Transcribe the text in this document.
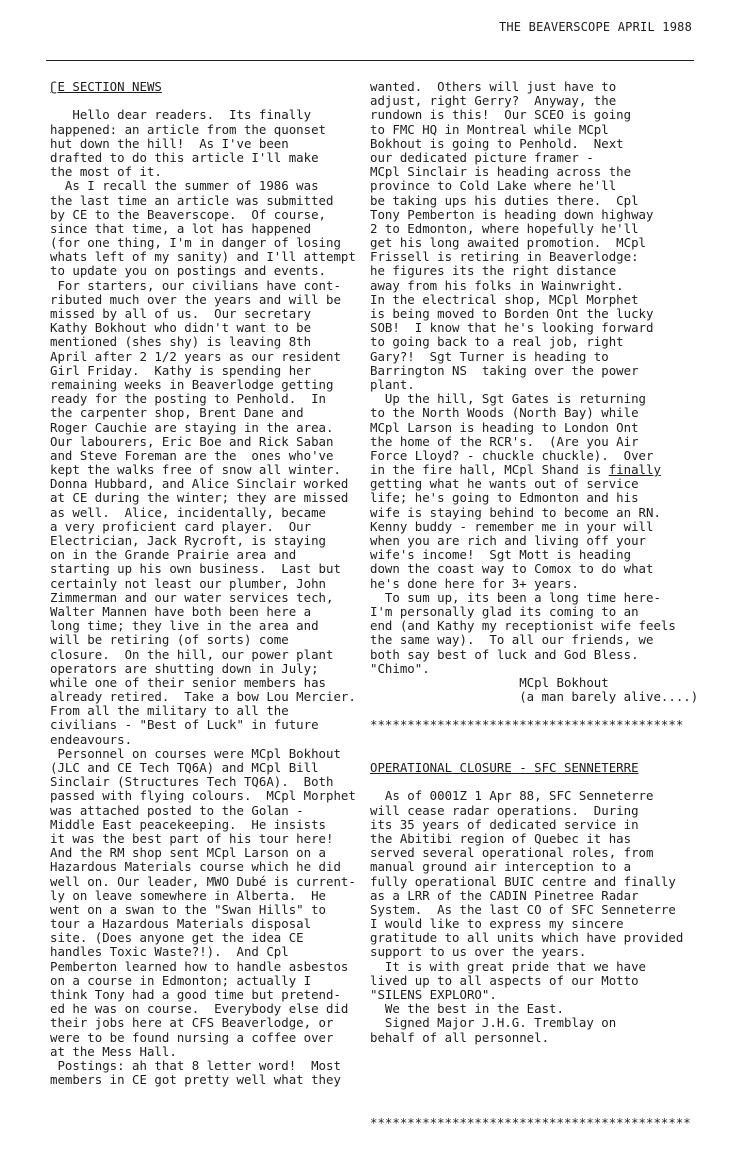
THE BEAVERSCOPE APRIL 1988
ʗE SECTION NEWS

Hello dear readers.  Its finally
happened: an article from the quonset
hut down the hill!  As I've been
drafted to do this article I'll make
the most of it.
As I recall the summer of 1986 was
the last time an article was submitted
by CE to the Beaverscope.  Of course,
since that time, a lot has happened
(for one thing, I'm in danger of losing
whats left of my sanity) and I'll attempt
to update you on postings and events.
For starters, our civilians have cont-
ributed much over the years and will be
missed by all of us.  Our secretary
Kathy Bokhout who didn't want to be
mentioned (shes shy) is leaving 8th
April after 2 1/2 years as our resident
Girl Friday.  Kathy is spending her
remaining weeks in Beaverlodge getting
ready for the posting to Penhold.  In
the carpenter shop, Brent Dane and
Roger Cauchie are staying in the area.
Our labourers, Eric Boe and Rick Saban
and Steve Foreman are the  ones who've
kept the walks free of snow all winter.
Donna Hubbard, and Alice Sinclair worked
at CE during the winter; they are missed
as well.  Alice, incidentally, became
a very proficient card player.  Our
Electrician, Jack Rycroft, is staying
on in the Grande Prairie area and
starting up his own business.  Last but
certainly not least our plumber, John
Zimmerman and our water services tech,
Walter Mannen have both been here a
long time; they live in the area and
will be retiring (of sorts) come
closure.  On the hill, our power plant
operators are shutting down in July;
while one of their senior members has
already retired.  Take a bow Lou Mercier.
From all the military to all the
civilians - "Best of Luck" in future
endeavours.
Personnel on courses were MCpl Bokhout
(JLC and CE Tech TQ6A) and MCpl Bill
Sinclair (Structures Tech TQ6A).  Both
passed with flying colours.  MCpl Morphet
was attached posted to the Golan -
Middle East peacekeeping.  He insists
it was the best part of his tour here!
And the RM shop sent MCpl Larson on a
Hazardous Materials course which he did
well on. Our leader, MWO Dubé is current-
ly on leave somewhere in Alberta.  He
went on a swan to the "Swan Hills" to
tour a Hazardous Materials disposal
site. (Does anyone get the idea CE
handles Toxic Waste?!).  And Cpl
Pemberton learned how to handle asbestos
on a course in Edmonton; actually I
think Tony had a good time but pretend-
ed he was on course.  Everybody else did
their jobs here at CFS Beaverlodge, or
were to be found nursing a coffee over
at the Mess Hall.
Postings: ah that 8 letter word!  Most
members in CE got pretty well what they
wanted.  Others will just have to
adjust, right Gerry?  Anyway, the
rundown is this!  Our SCEO is going
to FMC HQ in Montreal while MCpl
Bokhout is going to Penhold.  Next
our dedicated picture framer -
MCpl Sinclair is heading across the
province to Cold Lake where he'll
be taking ups his duties there.  Cpl
Tony Pemberton is heading down highway
2 to Edmonton, where hopefully he'll
get his long awaited promotion.  MCpl
Frissell is retiring in Beaverlodge:
he figures its the right distance
away from his folks in Wainwright.
In the electrical shop, MCpl Morphet
is being moved to Borden Ont the lucky
SOB!  I know that he's looking forward
to going back to a real job, right
Gary?!  Sgt Turner is heading to
Barrington NS  taking over the power
plant.
Up the hill, Sgt Gates is returning
to the North Woods (North Bay) while
MCpl Larson is heading to London Ont
the home of the RCR's.  (Are you Air
Force Lloyd? - chuckle chuckle).  Over
in the fire hall, MCpl Shand is finally
getting what he wants out of service
life; he's going to Edmonton and his
wife is staying behind to become an RN.
Kenny buddy - remember me in your will
when you are rich and living off your
wife's income!  Sgt Mott is heading
down the coast way to Comox to do what
he's done here for 3+ years.
To sum up, its been a long time here-
I'm personally glad its coming to an
end (and Kathy my receptionist wife feels
the same way).  To all our friends, we
both say best of luck and God Bless.
"Chimo".
MCpl Bokhout
(a man barely alive....)

******************************************

OPERATIONAL CLOSURE - SFC SENNETERRE

As of 0001Z 1 Apr 88, SFC Senneterre
will cease radar operations.  During
its 35 years of dedicated service in
the Abitibi region of Quebec it has
served several operational roles, from
manual ground air interception to a
fully operational BUIC centre and finally
as a LRR of the CADIN Pinetree Radar
System.  As the last CO of SFC Senneterre
I would like to express my sincere
gratitude to all units which have provided
support to us over the years.
It is with great pride that we have
lived up to all aspects of our Motto
"SILENS EXPLORO".
We the best in the East.
Signed Major J.H.G. Tremblay on
behalf of all personnel.

*******************************************
